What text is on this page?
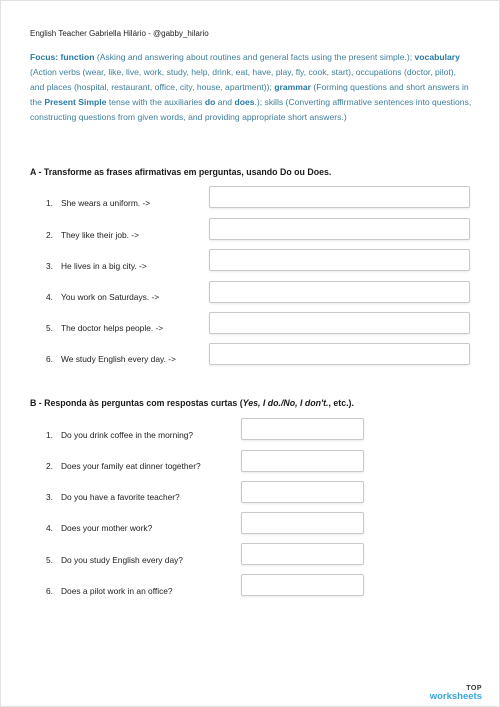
English Teacher Gabriella Hilário - @gabby_hilario
Focus: function (Asking and answering about routines and general facts using the present simple.); vocabulary (Action verbs (wear, like, live, work, study, help, drink, eat, have, play, fly, cook, start), occupations (doctor, pilot), and places (hospital, restaurant, office, city, house, apartment)); grammar (Forming questions and short answers in the Present Simple tense with the auxiliaries do and does.); skills (Converting affirmative sentences into questions, constructing questions from given words, and providing appropriate short answers.)
A - Transforme as frases afirmativas em perguntas, usando Do ou Does.
1. She wears a uniform. ->
2. They like their job. ->
3. He lives in a big city. ->
4. You work on Saturdays. ->
5. The doctor helps people. ->
6. We study English every day. ->
B - Responda às perguntas com respostas curtas (Yes, I do./No, I don't., etc.).
1. Do you drink coffee in the morning?
2. Does your family eat dinner together?
3. Do you have a favorite teacher?
4. Does your mother work?
5. Do you study English every day?
6. Does a pilot work in an office?
TOP
worksheets
